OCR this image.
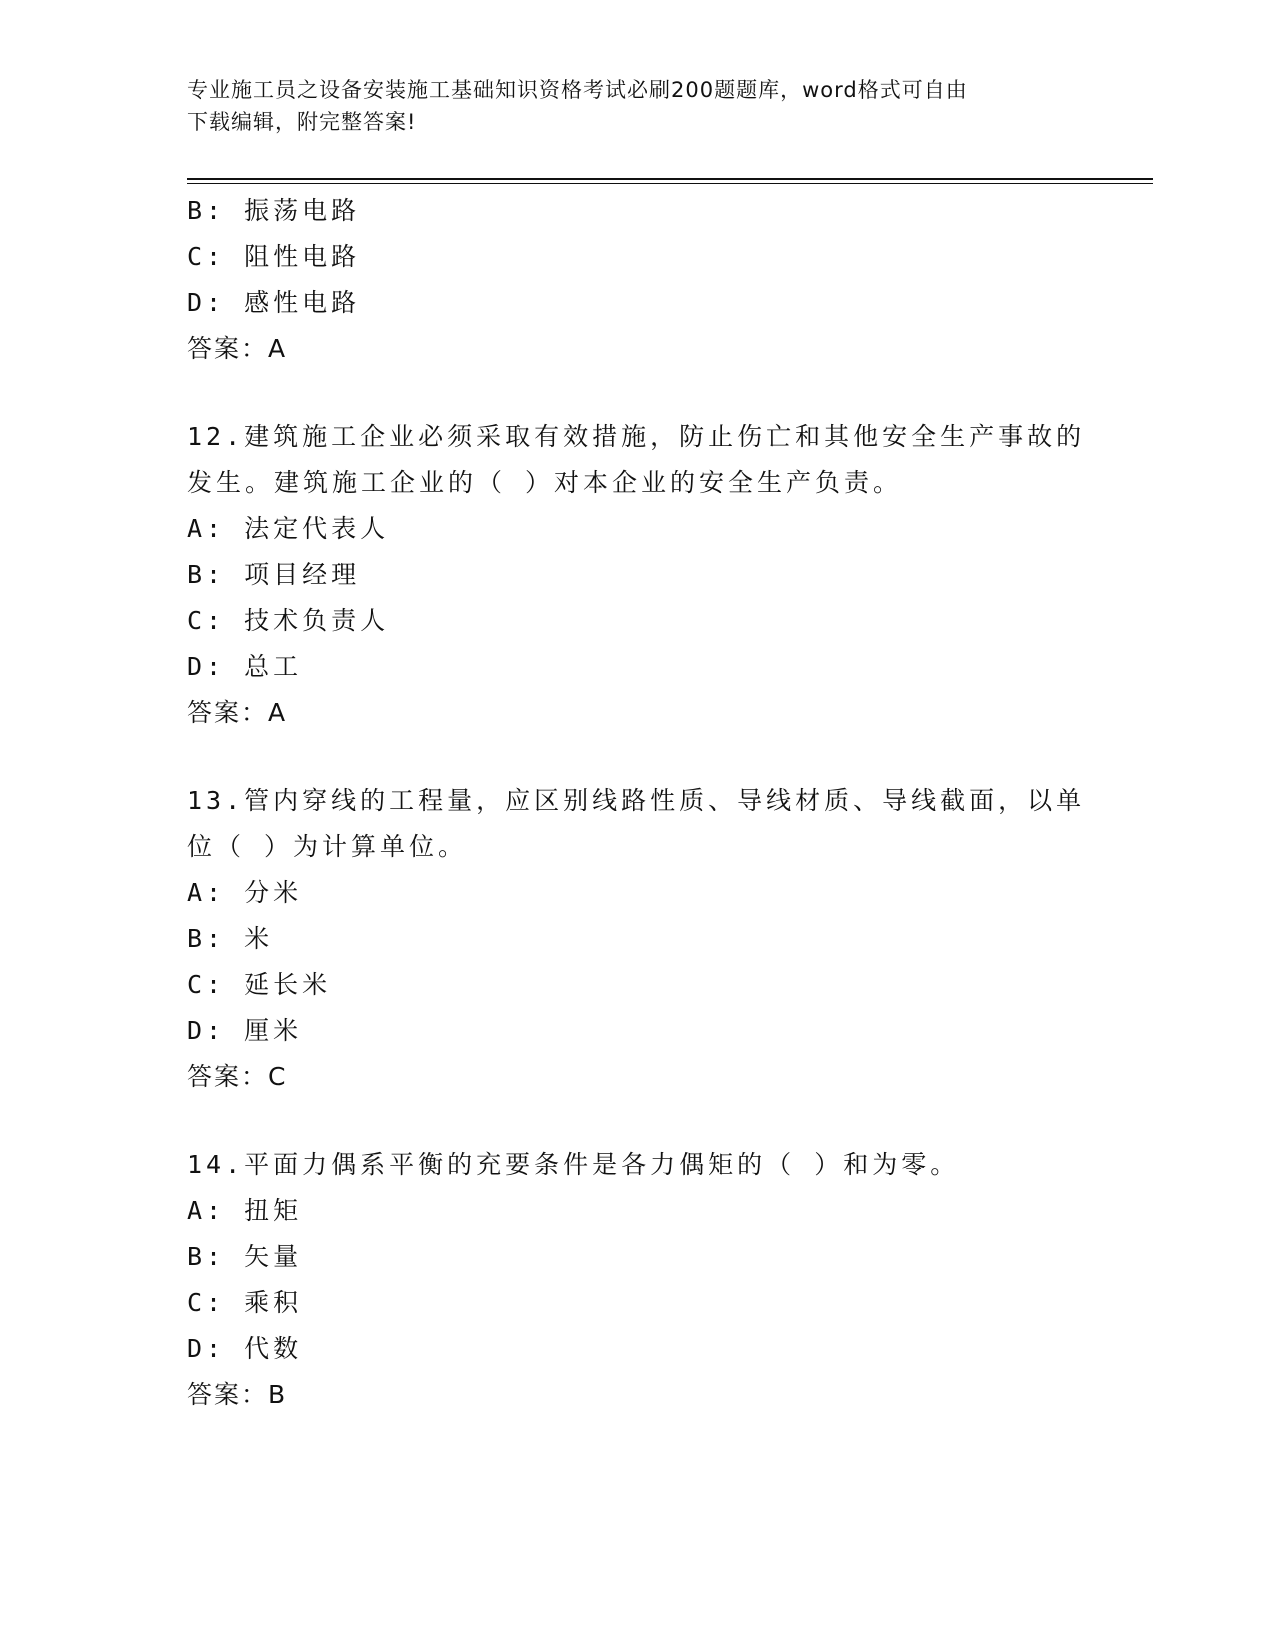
专业施工员之设备安装施工基础知识资格考试必刷200题题库，word格式可自由
下载编辑，附完整答案!
B: 振荡电路
C: 阻性电路
D: 感性电路
答案：A
12.建筑施工企业必须采取有效措施，防止伤亡和其他安全生产事故的
发生。建筑施工企业的（ ）对本企业的安全生产负责。
A: 法定代表人
B: 项目经理
C: 技术负责人
D: 总工
答案：A
13.管内穿线的工程量，应区别线路性质、导线材质、导线截面，以单
位（ ）为计算单位。
A: 分米
B: 米
C: 延长米
D: 厘米
答案：C
14.平面力偶系平衡的充要条件是各力偶矩的（ ）和为零。
A: 扭矩
B: 矢量
C: 乘积
D: 代数
答案：B
